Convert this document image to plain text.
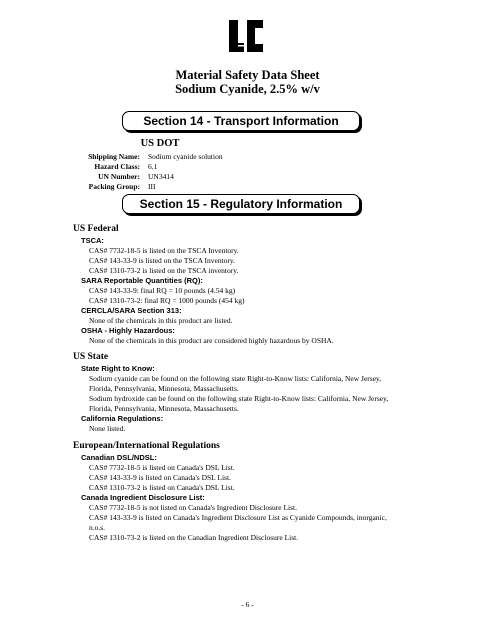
Material Safety Data Sheet
Sodium Cyanide, 2.5% w/v
Section 14 - Transport Information
US DOT
Shipping Name: Sodium cyanide solution
Hazard Class: 6.1
UN Number: UN3414
Packing Group: III
Section 15 - Regulatory Information
US Federal
TSCA:
CAS# 7732-18-5 is listed on the TSCA Inventory.
CAS# 143-33-9 is listed on the TSCA Inventory.
CAS# 1310-73-2 is listed on the TSCA inventory.
SARA Reportable Quantities (RQ):
CAS# 143-33-9: final RQ = 10 pounds (4.54 kg)
CAS# 1310-73-2: final RQ = 1000 pounds (454 kg)
CERCLA/SARA Section 313:
None of the chemicals in this product are listed.
OSHA - Highly Hazardous:
None of the chemicals in this product are considered highly hazardous by OSHA.
US State
State Right to Know:
Sodium cyanide can be found on the following state Right-to-Know lists: California, New Jersey,
Florida, Pennsylvania, Minnesota, Massachusetts.
Sodium hydroxide can be found on the following state Right-to-Know lists: California, New Jersey,
Florida, Pennsylvania, Minnesota, Massachusetts.
California Regulations:
None listed.
European/International Regulations
Canadian DSL/NDSL:
CAS# 7732-18-5 is listed on Canada's DSL List.
CAS# 143-33-9 is listed on Canada's DSL List.
CAS# 1310-73-2 is listed on Canada's DSL List.
Canada Ingredient Disclosure List:
CAS# 7732-18-5 is not listed on Canada's Ingredient Disclosure List.
CAS# 143-33-9 is listed on Canada's Ingredient Disclosure List as Cyanide Compounds, inorganic,
n.o.s.
CAS# 1310-73-2 is listed on the Canadian Ingredient Disclosure List.
- 6 -
